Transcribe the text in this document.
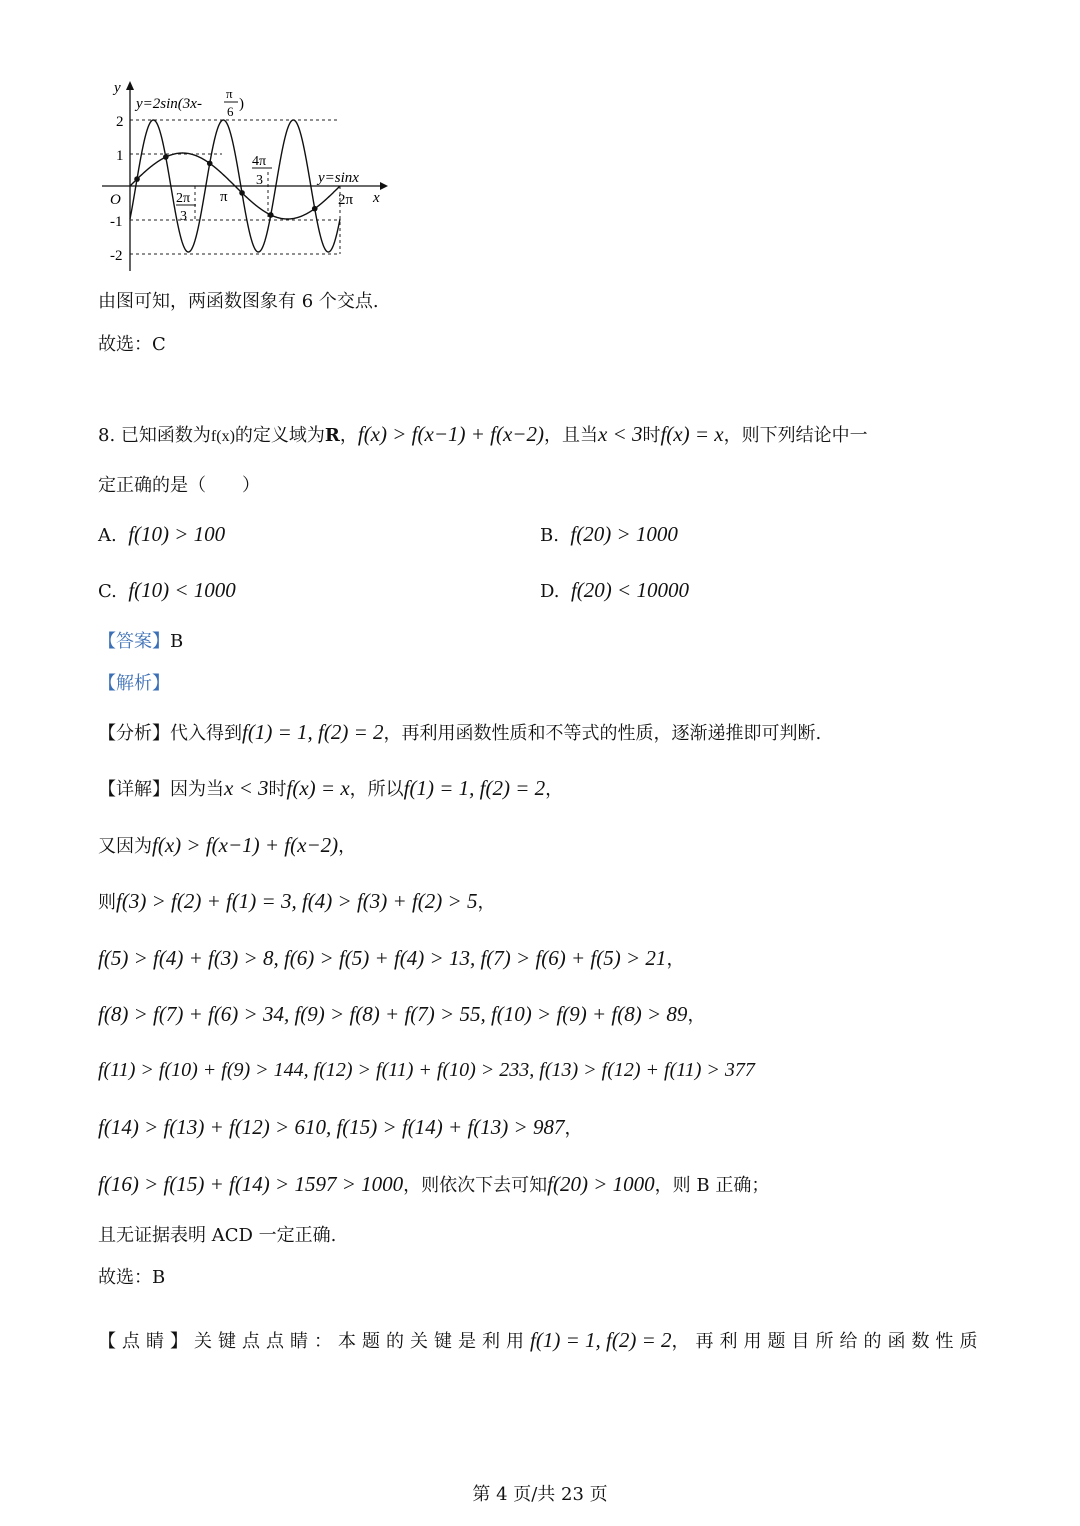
y
x
O
2
1
-1
-2
2π
3
π
4π
3
2π
y=sinx
y=2sin(3x-
π
6 )
由图可知，两函数图象有 6 个交点.
故选：C
8. 已知函数为f(x)的定义域为R，f(x) > f(x−1) + f(x−2)，且当x < 3时f(x) = x，则下列结论中一
定正确的是（　　）
A. f(10) > 100	B. f(20) > 1000
C. f(10) < 1000	D. f(20) < 10000
【答案】B
【解析】
【分析】代入得到f(1) = 1, f(2) = 2，再利用函数性质和不等式的性质，逐渐递推即可判断.
【详解】因为当x < 3时f(x) = x，所以f(1) = 1, f(2) = 2，
又因为f(x) > f(x−1) + f(x−2)，
则f(3) > f(2) + f(1) = 3, f(4) > f(3) + f(2) > 5，
f(5) > f(4) + f(3) > 8, f(6) > f(5) + f(4) > 13, f(7) > f(6) + f(5) > 21，
f(8) > f(7) + f(6) > 34, f(9) > f(8) + f(7) > 55, f(10) > f(9) + f(8) > 89，
f(11) > f(10) + f(9) > 144, f(12) > f(11) + f(10) > 233, f(13) > f(12) + f(11) > 377
f(14) > f(13) + f(12) > 610, f(15) > f(14) + f(13) > 987，
f(16) > f(15) + f(14) > 1597 > 1000，则依次下去可知f(20) > 1000，则 B 正确；
且无证据表明 ACD 一定正确.
故选：B
【点睛】关键点点睛：本题的关键是利用f(1) = 1, f(2) = 2，再利用题目所给的函数性质
第 4 页/共 23 页
